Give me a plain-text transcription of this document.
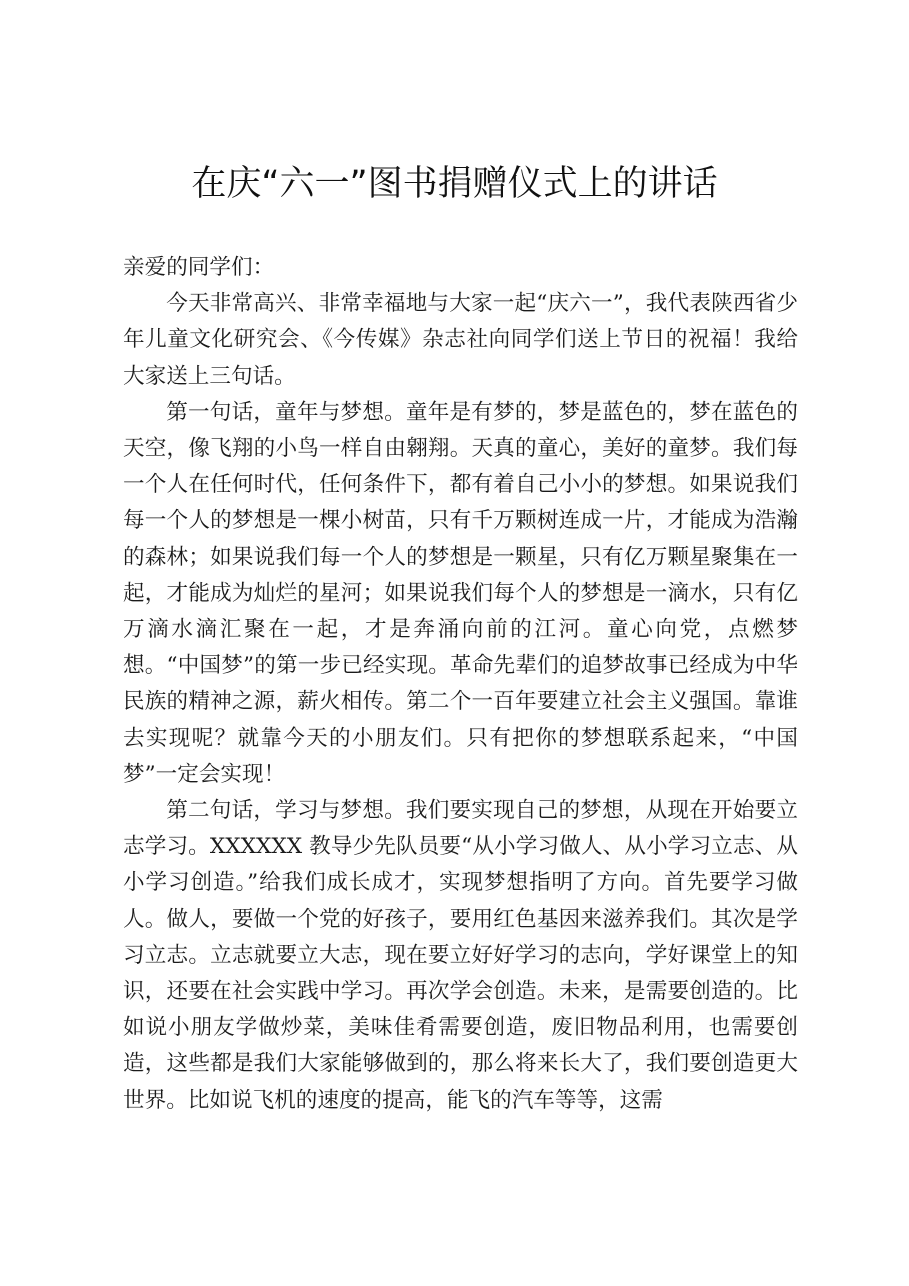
在庆“六一”图书捐赠仪式上的讲话

亲爱的同学们：

今天非常高兴、非常幸福地与大家一起“庆六一”，我代表陕西省少年儿童文化研究会、《今传媒》杂志社向同学们送上节日的祝福！我给大家送上三句话。

第一句话，童年与梦想。童年是有梦的，梦是蓝色的，梦在蓝色的天空，像飞翔的小鸟一样自由翱翔。天真的童心，美好的童梦。我们每一个人在任何时代，任何条件下，都有着自己小小的梦想。如果说我们每一个人的梦想是一棵小树苗，只有千万颗树连成一片，才能成为浩瀚的森林；如果说我们每一个人的梦想是一颗星，只有亿万颗星聚集在一起，才能成为灿烂的星河；如果说我们每个人的梦想是一滴水，只有亿万滴水滴汇聚在一起，才是奔涌向前的江河。童心向党，点燃梦想。“中国梦”的第一步已经实现。革命先辈们的追梦故事已经成为中华民族的精神之源，薪火相传。第二个一百年要建立社会主义强国。靠谁去实现呢？就靠今天的小朋友们。只有把你的梦想联系起来，“中国梦”一定会实现！

第二句话，学习与梦想。我们要实现自己的梦想，从现在开始要立志学习。XXXXXX 教导少先队员要“从小学习做人、从小学习立志、从小学习创造。”给我们成长成才，实现梦想指明了方向。首先要学习做人。做人，要做一个党的好孩子，要用红色基因来滋养我们。其次是学习立志。立志就要立大志，现在要立好好学习的志向，学好课堂上的知识，还要在社会实践中学习。再次学会创造。未来，是需要创造的。比如说小朋友学做炒菜，美味佳肴需要创造，废旧物品利用，也需要创造，这些都是我们大家能够做到的，那么将来长大了，我们要创造更大世界。比如说飞机的速度的提高，能飞的汽车等等，这需
